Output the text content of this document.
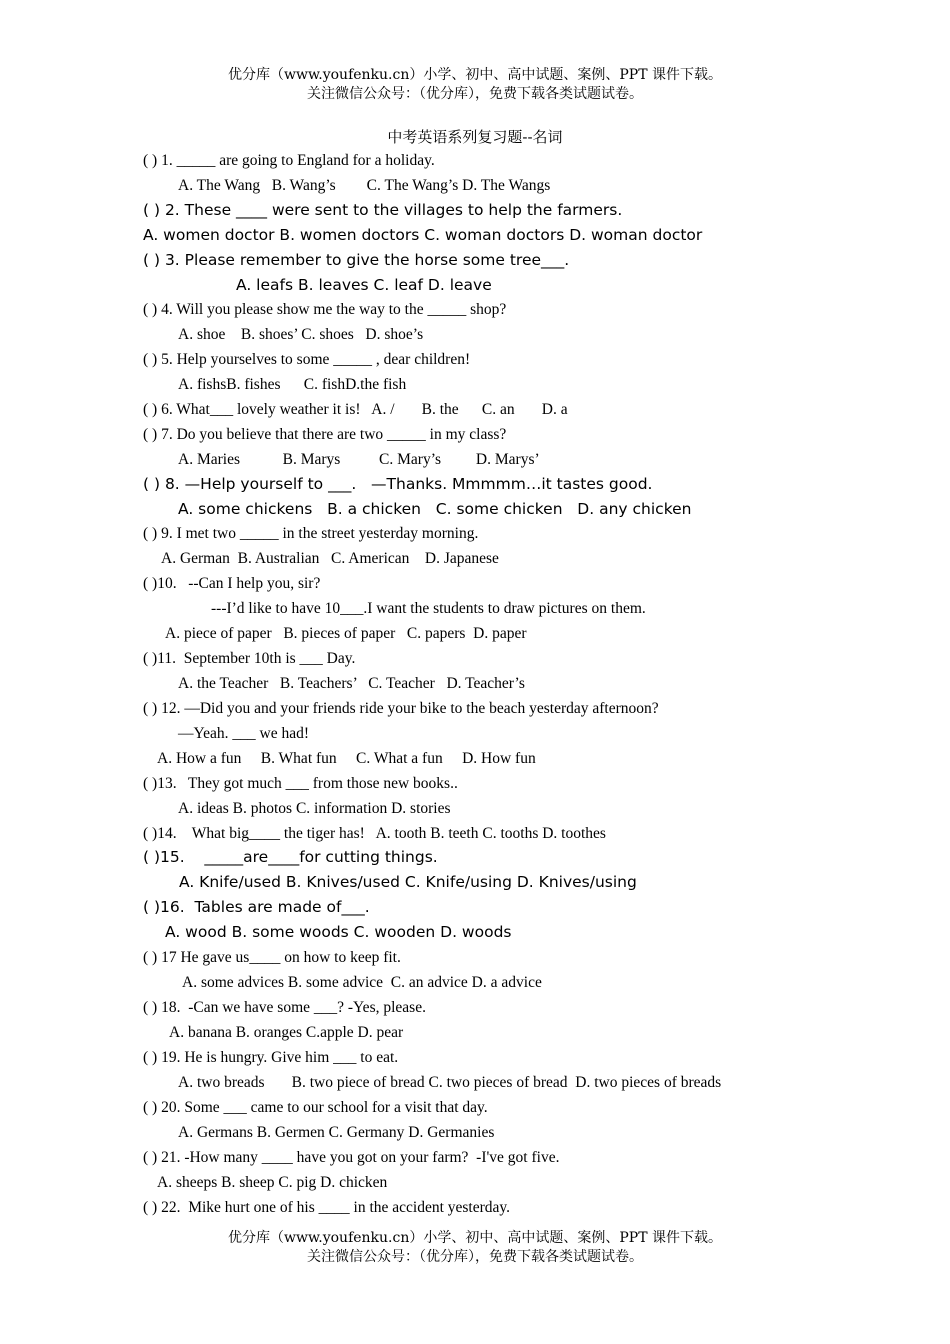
优分库（www.youfenku.cn）小学、初中、高中试题、案例、PPT 课件下载。
关注微信公众号：（优分库），免费下载各类试题试卷。
中考英语系列复习题--名词
( ) 1. _____ are going to England for a holiday.
A. The Wang   B. Wang’s        C. The Wang’s D. The Wangs
( ) 2. These ____ were sent to the villages to help the farmers.
A. women doctor B. women doctors C. woman doctors D. woman doctor
( ) 3. Please remember to give the horse some tree___.
A. leafs B. leaves C. leaf D. leave
( ) 4. Will you please show me the way to the _____ shop?
A. shoe    B. shoes’ C. shoes   D. shoe’s
( ) 5. Help yourselves to some _____ , dear children!
A. fishsB. fishes      C. fishD.the fish
( ) 6. What___ lovely weather it is!   A. /       B. the      C. an       D. a
( ) 7. Do you believe that there are two _____ in my class?
A. Maries           B. Marys          C. Mary’s         D. Marys’
( ) 8. —Help yourself to ___.   —Thanks. Mmmmm…it tastes good.
A. some chickens   B. a chicken   C. some chicken   D. any chicken
( ) 9. I met two _____ in the street yesterday morning.
A. German  B. Australian   C. American    D. Japanese
( )10.   --Can I help you, sir?
---I’d like to have 10___.I want the students to draw pictures on them.
A. piece of paper   B. pieces of paper   C. papers  D. paper
( )11.  September 10th is ___ Day.
A. the Teacher   B. Teachers’   C. Teacher   D. Teacher’s
( ) 12. —Did you and your friends ride your bike to the beach yesterday afternoon?
—Yeah. ___ we had!
A. How a fun     B. What fun     C. What a fun     D. How fun
( )13.   They got much ___ from those new books..
A. ideas B. photos C. information D. stories
( )14.    What big____ the tiger has!   A. tooth B. teeth C. tooths D. toothes
( )15.    _____are____for cutting things.
A. Knife/used B. Knives/used C. Knife/using D. Knives/using
( )16.  Tables are made of___.
A. wood B. some woods C. wooden D. woods
( ) 17 He gave us____ on how to keep fit.
A. some advices B. some advice  C. an advice D. a advice
( ) 18.  -Can we have some ___? -Yes, please.
A. banana B. oranges C.apple D. pear
( ) 19. He is hungry. Give him ___ to eat.
A. two breads       B. two piece of bread C. two pieces of bread  D. two pieces of breads
( ) 20. Some ___ came to our school for a visit that day.
A. Germans B. Germen C. Germany D. Germanies
( ) 21. -How many ____ have you got on your farm?  -I've got five.
A. sheeps B. sheep C. pig D. chicken
( ) 22.  Mike hurt one of his ____ in the accident yesterday.
优分库（www.youfenku.cn）小学、初中、高中试题、案例、PPT 课件下载。
关注微信公众号：（优分库），免费下载各类试题试卷。
